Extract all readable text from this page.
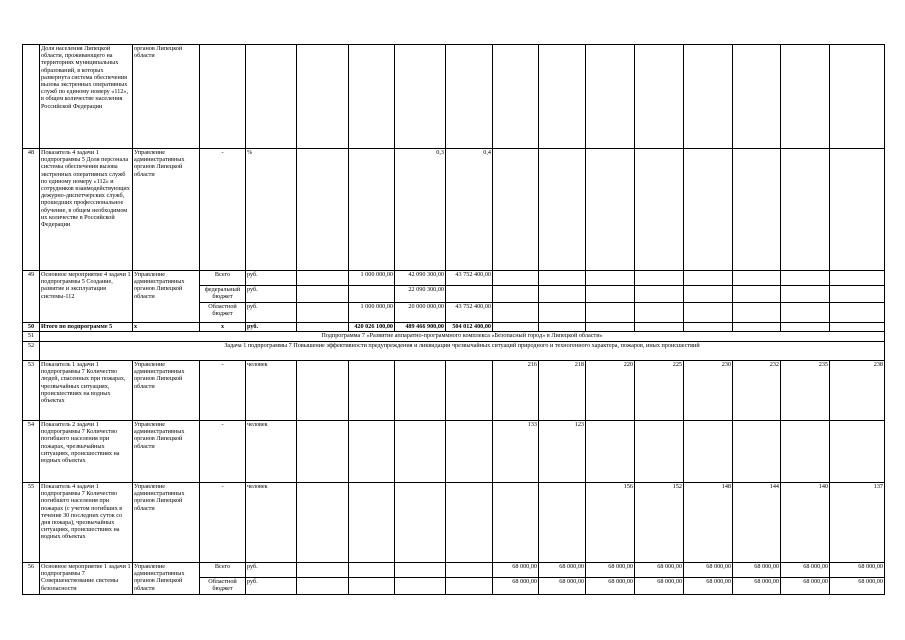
	Доля населения Липецкой области, проживающего на территориях муниципальных образований, в которых развернута система обеспечения вызова экстренных оперативных служб по единому номеру «112», в общем количестве населения Российской Федерации	органов Липецкой области														
48	Показатель 4 задачи 1 подпрограммы 5 Доля персонала системы обеспечения вызова экстренных оперативных служб по единому номеру «112» и сотрудников взаимодействующих дежурно-диспетчерских служб, прошедших профессиональное обучение, в общем необходимом их количестве в Российской Федерации	Управление административных органов Липецкой области	-	%			0,3	0,4								
49	Основное мероприятие 4 задачи 1 подпрограммы 5 Создание, развитие и эксплуатация системы-112	Управление административных органов Липецкой области	Всего	руб.		1 000 000,00	42 090 300,00	43 752 400,00								
			федеральный бюджет	руб.			22 090 300,00									
			Областной бюджет	руб.		1 000 000,00	20 000 000,00	43 752 400,00								
50	Итого по подпрограмме 5	х	х	руб.		420 026 100,00	489 466 900,00	504 012 400,00								
51	Подпрограмма 7 «Развитие аппаратно-программного комплекса «Безопасный город» в Липецкой области»															
52	Задача 1 подпрограммы 7 Повышение эффективности предупреждения и ликвидации чрезвычайных ситуаций природного и техногенного характера, пожаров, иных происшествий															
53	Показатель 1 задачи 1 подпрограммы 7 Количество людей, спасенных при пожарах, чрезвычайных ситуациях, происшествиях на водных объектах	Управление административных органов Липецкой области	-	человек					216	218	220	225	230	232	235	238
54	Показатель 2 задачи 1 подпрограммы 7 Количество погибшего населения при пожарах, чрезвычайных ситуациях, происшествиях на водных объектах	Управление административных органов Липецкой области	-	человек					133	123						
55	Показатель 4 задачи 1 подпрограммы 7 Количество погибшего населения при пожарах (с учетом погибших в течение 30 последних суток со дня пожара), чрезвычайных ситуациях, происшествиях на водных объектах	Управление административных органов Липецкой области	-	человек							156	152	148	144	140	137
56	Основное мероприятие 1 задачи 1 подпрограммы 7 Совершенствование системы безопасности	Управление административных органов Липецкой области	Всего	руб.					68 000,00	68 000,00	68 000,00	68 000,00	68 000,00	68 000,00	68 000,00	68 000,00
			Областной бюджет	руб.					68 000,00	68 000,00	68 000,00	68 000,00	68 000,00	68 000,00	68 000,00	68 000,00
